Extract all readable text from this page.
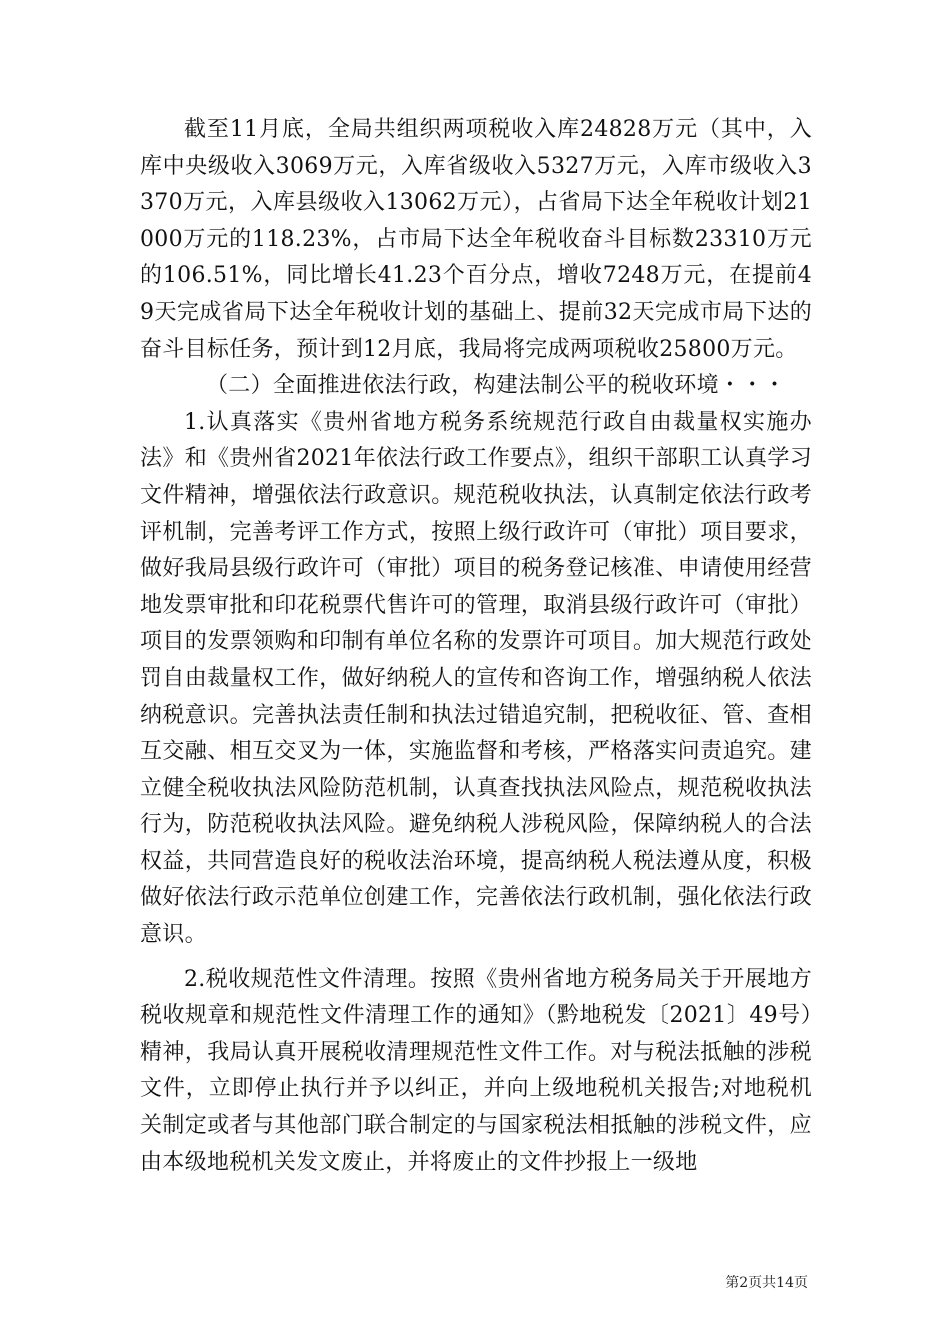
截至11月底，全局共组织两项税收入库24828万元（其中，入库中央级收入3069万元，入库省级收入5327万元，入库市级收入3370万元，入库县级收入13062万元），占省局下达全年税收计划21000万元的118.23%，占市局下达全年税收奋斗目标数23310万元的106.51%，同比增长41.23个百分点，增收7248万元，在提前49天完成省局下达全年税收计划的基础上、提前32天完成市局下达的奋斗目标任务，预计到12月底，我局将完成两项税收25800万元。

（二）全面推进依法行政，构建法制公平的税收环境・・・

1.认真落实《贵州省地方税务系统规范行政自由裁量权实施办法》和《贵州省2021年依法行政工作要点》，组织干部职工认真学习文件精神，增强依法行政意识。规范税收执法，认真制定依法行政考评机制，完善考评工作方式，按照上级行政许可（审批）项目要求，做好我局县级行政许可（审批）项目的税务登记核准、申请使用经营地发票审批和印花税票代售许可的管理，取消县级行政许可（审批）项目的发票领购和印制有单位名称的发票许可项目。加大规范行政处罚自由裁量权工作，做好纳税人的宣传和咨询工作，增强纳税人依法纳税意识。完善执法责任制和执法过错追究制，把税收征、管、查相互交融、相互交叉为一体，实施监督和考核，严格落实问责追究。建立健全税收执法风险防范机制，认真查找执法风险点，规范税收执法行为，防范税收执法风险。避免纳税人涉税风险，保障纳税人的合法权益，共同营造良好的税收法治环境，提高纳税人税法遵从度，积极做好依法行政示范单位创建工作，完善依法行政机制，强化依法行政意识。

2.税收规范性文件清理。按照《贵州省地方税务局关于开展地方税收规章和规范性文件清理工作的通知》（黔地税发〔2021〕49号）精神，我局认真开展税收清理规范性文件工作。对与税法抵触的涉税文件，立即停止执行并予以纠正，并向上级地税机关报告;对地税机关制定或者与其他部门联合制定的与国家税法相抵触的涉税文件，应由本级地税机关发文废止，并将废止的文件抄报上一级地

第2页共14页
